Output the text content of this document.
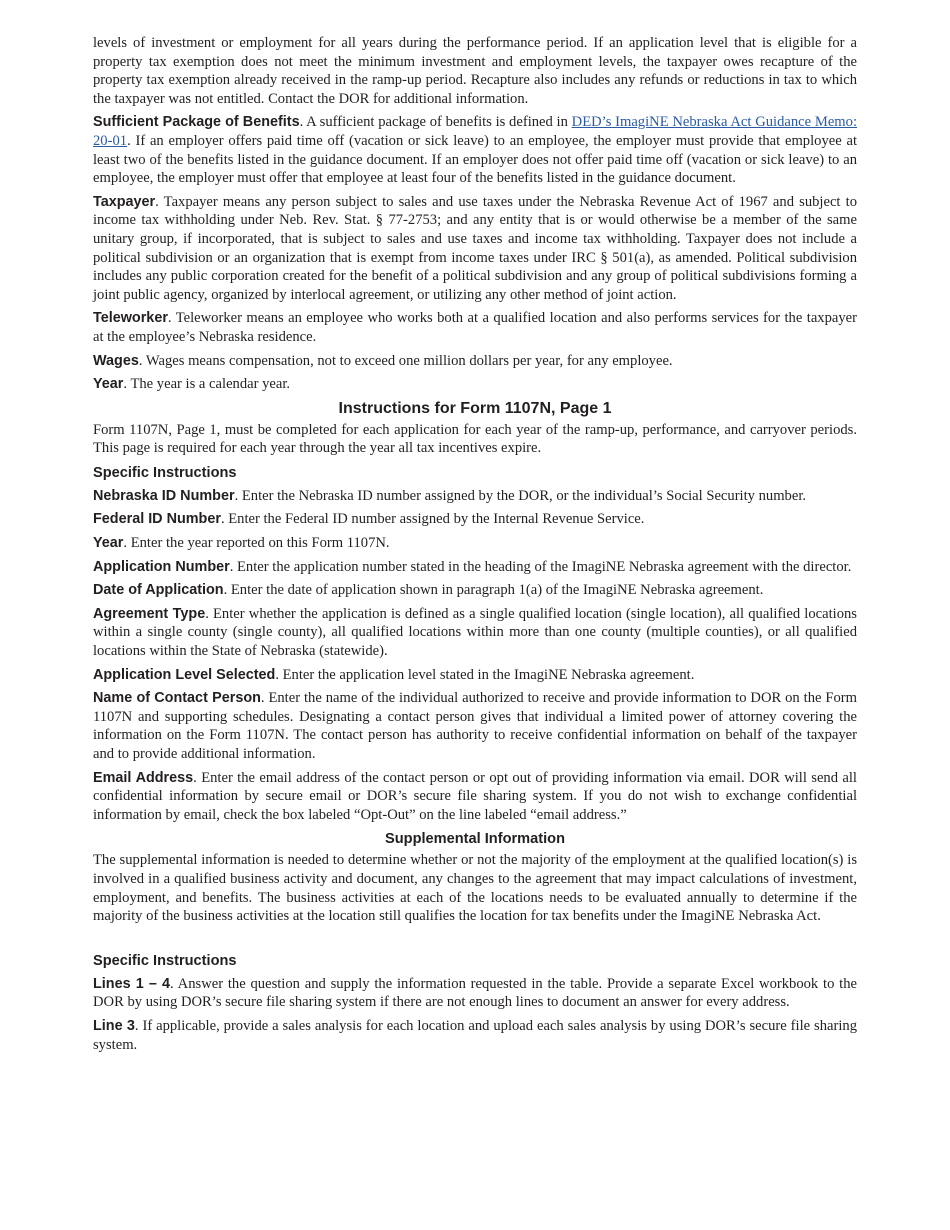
levels of investment or employment for all years during the performance period. If an application level that is eligible for a property tax exemption does not meet the minimum investment and employment levels, the taxpayer owes recapture of the property tax exemption already received in the ramp-up period. Recapture also includes any refunds or reductions in tax to which the taxpayer was not entitled. Contact the DOR for additional information.

Sufficient Package of Benefits. A sufficient package of benefits is defined in DED’s ImagiNE Nebraska Act Guidance Memo: 20-01. If an employer offers paid time off (vacation or sick leave) to an employee, the employer must provide that employee at least two of the benefits listed in the guidance document. If an employer does not offer paid time off (vacation or sick leave) to an employee, the employer must offer that employee at least four of the benefits listed in the guidance document.

Taxpayer. Taxpayer means any person subject to sales and use taxes under the Nebraska Revenue Act of 1967 and subject to income tax withholding under Neb. Rev. Stat. § 77-2753; and any entity that is or would otherwise be a member of the same unitary group, if incorporated, that is subject to sales and use taxes and income tax withholding. Taxpayer does not include a political subdivision or an organization that is exempt from income taxes under IRC § 501(a), as amended. Political subdivision includes any public corporation created for the benefit of a political subdivision and any group of political subdivisions forming a joint public agency, organized by interlocal agreement, or utilizing any other method of joint action.

Teleworker. Teleworker means an employee who works both at a qualified location and also performs services for the taxpayer at the employee’s Nebraska residence.

Wages. Wages means compensation, not to exceed one million dollars per year, for any employee.

Year. The year is a calendar year.

Instructions for Form 1107N, Page 1

Form 1107N, Page 1, must be completed for each application for each year of the ramp-up, performance, and carryover periods. This page is required for each year through the year all tax incentives expire.

Specific Instructions

Nebraska ID Number. Enter the Nebraska ID number assigned by the DOR, or the individual’s Social Security number.

Federal ID Number. Enter the Federal ID number assigned by the Internal Revenue Service.

Year. Enter the year reported on this Form 1107N.

Application Number. Enter the application number stated in the heading of the ImagiNE Nebraska agreement with the director.

Date of Application. Enter the date of application shown in paragraph 1(a) of the ImagiNE Nebraska agreement.

Agreement Type. Enter whether the application is defined as a single qualified location (single location), all qualified locations within a single county (single county), all qualified locations within more than one county (multiple counties), or all qualified locations within the State of Nebraska (statewide).

Application Level Selected. Enter the application level stated in the ImagiNE Nebraska agreement.

Name of Contact Person. Enter the name of the individual authorized to receive and provide information to DOR on the Form 1107N and supporting schedules. Designating a contact person gives that individual a limited power of attorney covering the information on the Form 1107N. The contact person has authority to receive confidential information on behalf of the taxpayer and to provide additional information.

Email Address. Enter the email address of the contact person or opt out of providing information via email. DOR will send all confidential information by secure email or DOR’s secure file sharing system. If you do not wish to exchange confidential information by email, check the box labeled “Opt-Out” on the line labeled “email address.”

Supplemental Information

The supplemental information is needed to determine whether or not the majority of the employment at the qualified location(s) is involved in a qualified business activity and document, any changes to the agreement that may impact calculations of investment, employment, and benefits. The business activities at each of the locations needs to be evaluated annually to determine if the majority of the business activities at the location still qualifies the location for tax benefits under the ImagiNE Nebraska Act.

Specific Instructions

Lines 1 – 4. Answer the question and supply the information requested in the table. Provide a separate Excel workbook to the DOR by using DOR’s secure file sharing system if there are not enough lines to document an answer for every address.

Line 3. If applicable, provide a sales analysis for each location and upload each sales analysis by using DOR’s secure file sharing system.
